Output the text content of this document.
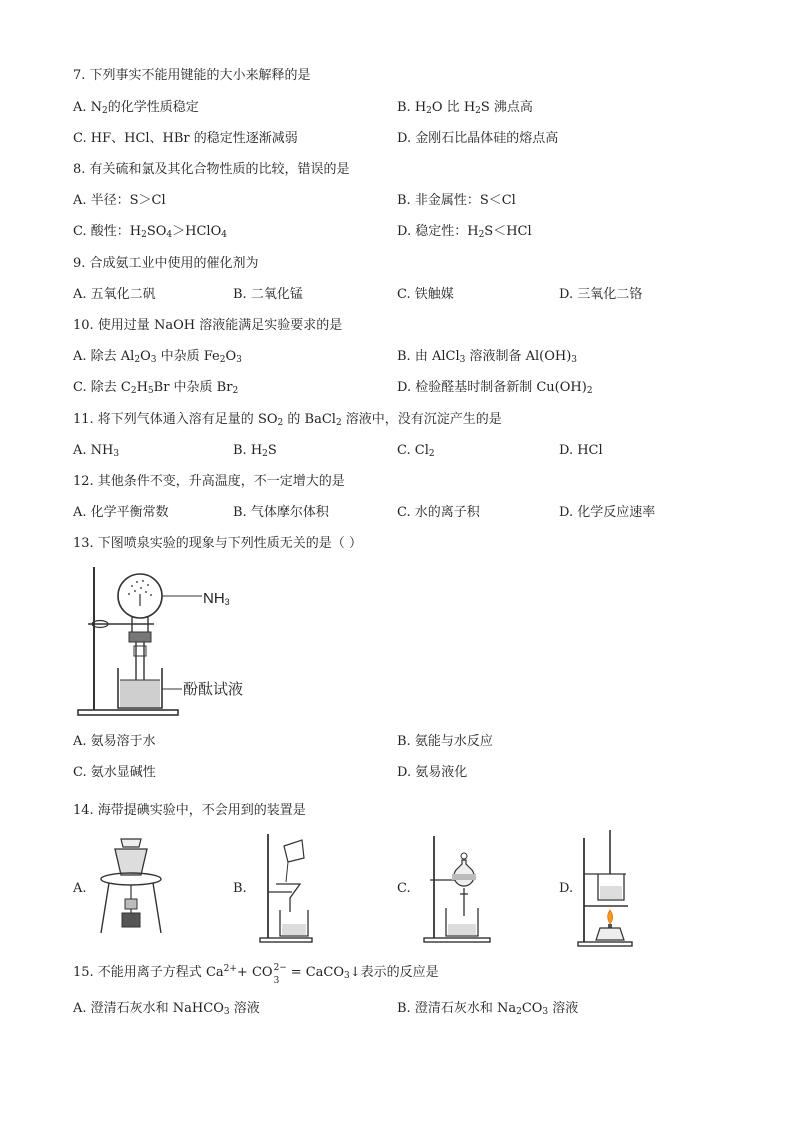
7. 下列事实不能用键能的大小来解释的是
A. $N_2$的化学性质稳定	B. $H_2O$ 比 $H_2S$ 沸点高
C. HF、HCl、HBr 的稳定性逐渐减弱	D. 金刚石比晶体硅的熔点高
8. 有关硫和氯及其化合物性质的比较，错误的是
A. 半径：S＞Cl	B. 非金属性：S＜Cl
C. 酸性：$H_2SO_4>HClO_4$	D. 稳定性：$H_2S<HCl$
9. 合成氨工业中使用的催化剂为
A. 五氧化二矾	B. 二氧化锰	C. 铁触媒	D. 三氧化二铬
10. 使用过量 NaOH 溶液能满足实验要求的是
A. 除去 $Al_2O_3$ 中杂质 $Fe_2O_3$	B. 由 AlCl$_3$ 溶液制备 $Al(OH)_3$
C. 除去 $C_2H_5Br$ 中杂质 $Br_2$	D. 检验醛基时制备新制 $Cu(OH)_2$
11. 将下列气体通入溶有足量的 $SO_2$ 的 BaCl$_2$ 溶液中，没有沉淀产生的是
A. $NH_3$	B. $H_2S$	C. $Cl_2$	D. HCl
12. 其他条件不变，升高温度，不一定增大的是
A. 化学平衡常数	B. 气体摩尔体积	C. 水的离子积	D. 化学反应速率
13. 下图喷泉实验的现象与下列性质无关的是（ ）
$NH_3$
酚酞试液
A. 氨易溶于水	B. 氨能与水反应
C. 氨水显碱性	D. 氨易液化
14. 海带提碘实验中，不会用到的装置是
A.	B.	C.	D.
15. 不能用离子方程式 $Ca^{2+}+$ CO 2−
3
= CaCO$_3$↓表示的反应是
A. 澄清石灰水和 NaHCO$_3$ 溶液	B. 澄清石灰水和 $Na_2CO_3$ 溶液
